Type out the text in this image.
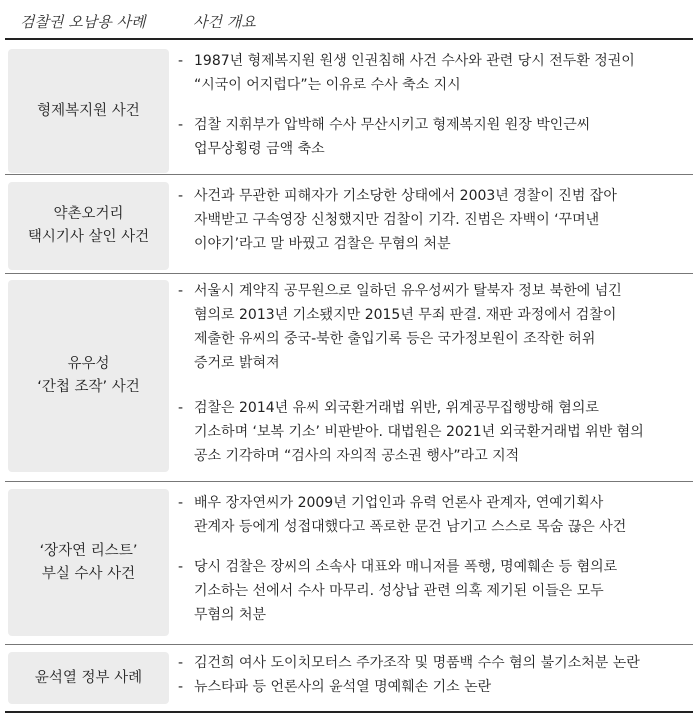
검찰권 오남용 사례	사건 개요
형제복지원 사건
- 1987년 형제복지원 원생 인권침해 사건 수사와 관련 당시 전두환 정권이
“시국이 어지럽다”는 이유로 수사 축소 지시
- 검찰 지휘부가 압박해 수사 무산시키고 형제복지원 원장 박인근씨
업무상횡령 금액 축소
약촌오거리
택시기사 살인 사건
- 사건과 무관한 피해자가 기소당한 상태에서 2003년 경찰이 진범 잡아
자백받고 구속영장 신청했지만 검찰이 기각. 진범은 자백이 ‘꾸며낸
이야기’라고 말 바꿨고 검찰은 무혐의 처분
유우성
‘간첩 조작’ 사건
- 서울시 계약직 공무원으로 일하던 유우성씨가 탈북자 정보 북한에 넘긴
혐의로 2013년 기소됐지만 2015년 무죄 판결. 재판 과정에서 검찰이
제출한 유씨의 중국-북한 출입기록 등은 국가정보원이 조작한 허위
증거로 밝혀져
- 검찰은 2014년 유씨 외국환거래법 위반, 위계공무집행방해 혐의로
기소하며 ‘보복 기소’ 비판받아. 대법원은 2021년 외국환거래법 위반 혐의
공소 기각하며 “검사의 자의적 공소권 행사”라고 지적
‘장자연 리스트’
부실 수사 사건
- 배우 장자연씨가 2009년 기업인과 유력 언론사 관계자, 연예기획사
관계자 등에게 성접대했다고 폭로한 문건 남기고 스스로 목숨 끊은 사건
- 당시 검찰은 장씨의 소속사 대표와 매니저를 폭행, 명예훼손 등 혐의로
기소하는 선에서 수사 마무리. 성상납 관련 의혹 제기된 이들은 모두
무혐의 처분
윤석열 정부 사례
- 김건희 여사 도이치모터스 주가조작 및 명품백 수수 혐의 불기소처분 논란
- 뉴스타파 등 언론사의 윤석열 명예훼손 기소 논란
